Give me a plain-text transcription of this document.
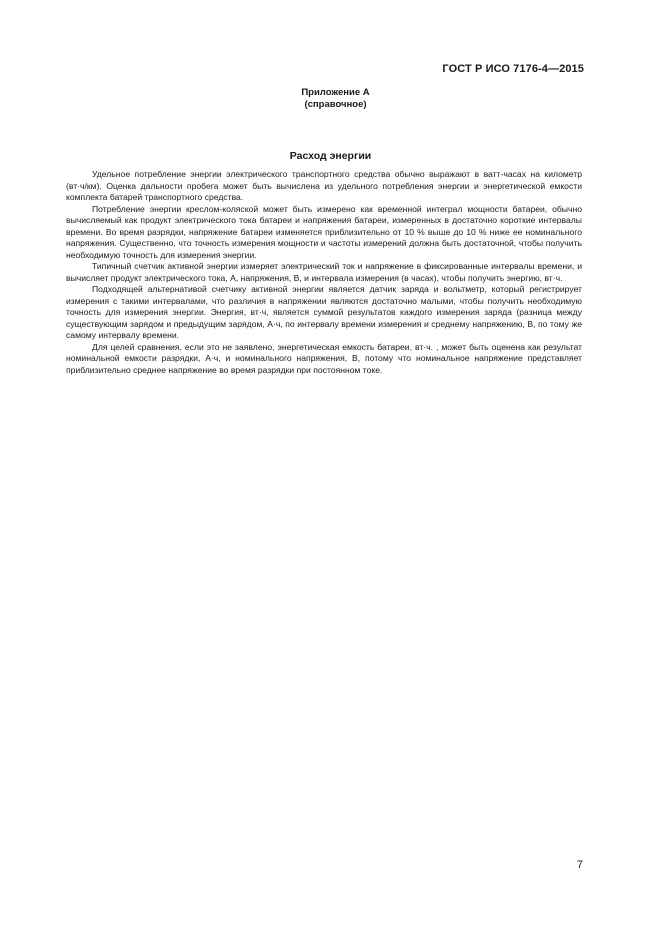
ГОСТ Р ИСО 7176-4—2015
Приложение А
(справочное)
Расход энергии

Удельное потребление энергии электрического транспортного средства обычно выражают в ватт-часах на километр (вт·ч/км). Оценка дальности пробега может быть вычислена из удельного потребления энергии и энергетической емкости комплекта батарей транспортного средства.

Потребление энергии креслом-коляской может быть измерено как временной интеграл мощности батареи, обычно вычисляемый как продукт электрического тока батареи и напряжения батареи, измеренных в достаточно короткие интервалы времени. Во время разрядки, напряжение батареи изменяется приблизительно от 10 % выше до 10 % ниже ее номинального напряжения. Существенно, что точность измерения мощности и частоты измерений должна быть достаточной, чтобы получить необходимую точность для измерения энергии.

Типичный счетчик активной энергии измеряет электрический ток и напряжение в фиксированные интервалы времени, и вычисляет продукт электрического тока, А, напряжения, В, и интервала измерения (в часах), чтобы получить энергию, вт·ч.

Подходящей альтернативой счетчику активной энергии является датчик заряда и вольтметр, который регистрирует измерения с такими интервалами, что различия в напряжении являются достаточно малыми, чтобы получить необходимую точность для измерения энергии. Энергия, вт·ч, является суммой результатов каждого измерения заряда (разница между существующим зарядом и предыдущим зарядом, А·ч, по интервалу времени измерения и среднему напряжению, В, по тому же самому интервалу времени.

Для целей сравнения, если это не заявлено, энергетическая емкость батареи, вт·ч. , может быть оценена как результат номинальной емкости разрядки, А·ч, и номинального напряжения, В, потому что номинальное напряжение представляет приблизительно среднее напряжение во время разрядки при постоянном токе.

7
